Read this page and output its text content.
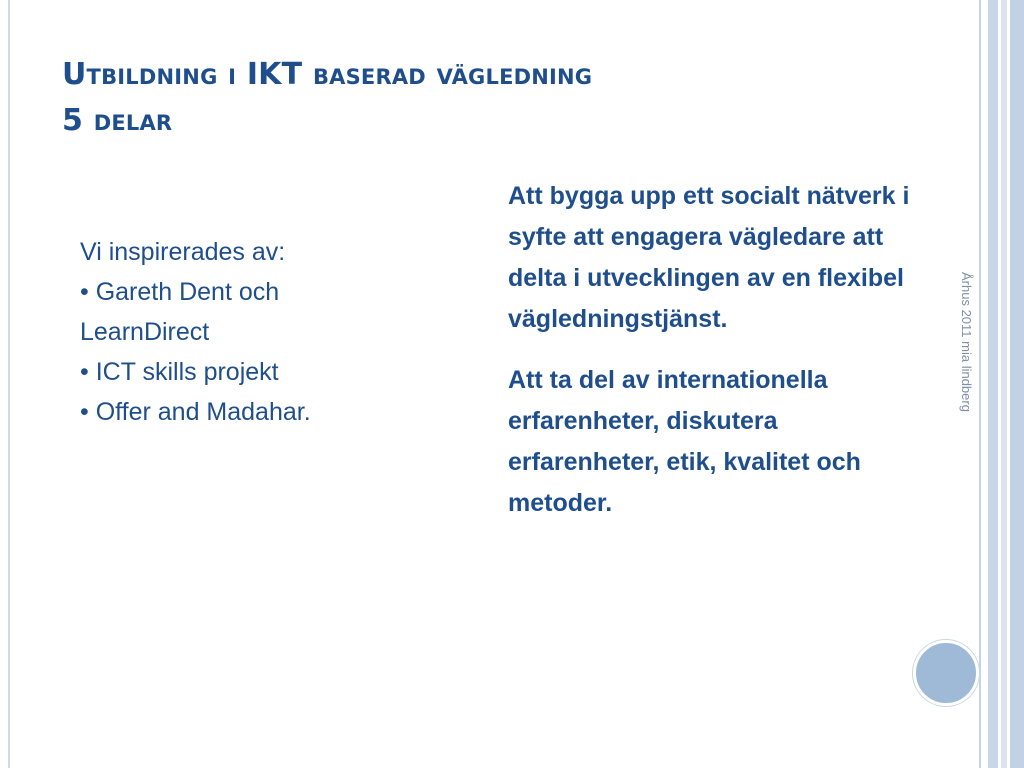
Utbildning i IKT baserad vägledning
5 delar
Vi inspirerades av:
• Gareth Dent och LearnDirect
• ICT skills projekt
• Offer and Madahar.

Att bygga upp ett socialt nätverk i syfte att engagera vägledare att delta i utvecklingen av en flexibel vägledningstjänst.

Att ta del av internationella erfarenheter, diskutera erfarenheter, etik, kvalitet och metoder.

Århus 2011 mia lindberg
